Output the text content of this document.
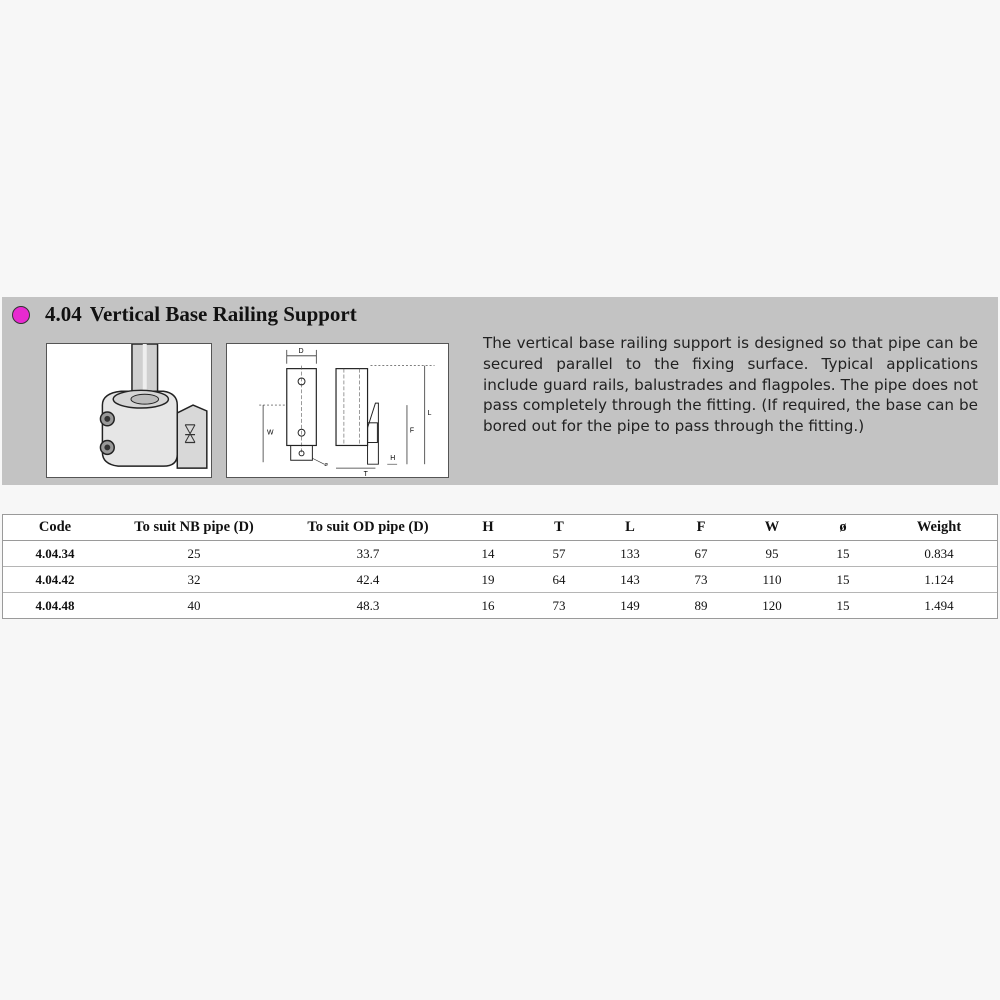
4.04 Vertical Base Railing Support
D
ø
W
L
F
T
H
The vertical base railing support is designed so that pipe can be secured parallel to the fixing surface. Typical applications include guard rails, balustrades and flagpoles. The pipe does not pass completely through the fitting. (If required, the base can be bored out for the pipe to pass through the fitting.)
Code	To suit NB pipe (D)	To suit OD pipe (D)	H	T	L	F	W	ø	Weight
4.04.34	25	33.7	14	57	133	67	95	15	0.834
4.04.42	32	42.4	19	64	143	73	110	15	1.124
4.04.48	40	48.3	16	73	149	89	120	15	1.494
